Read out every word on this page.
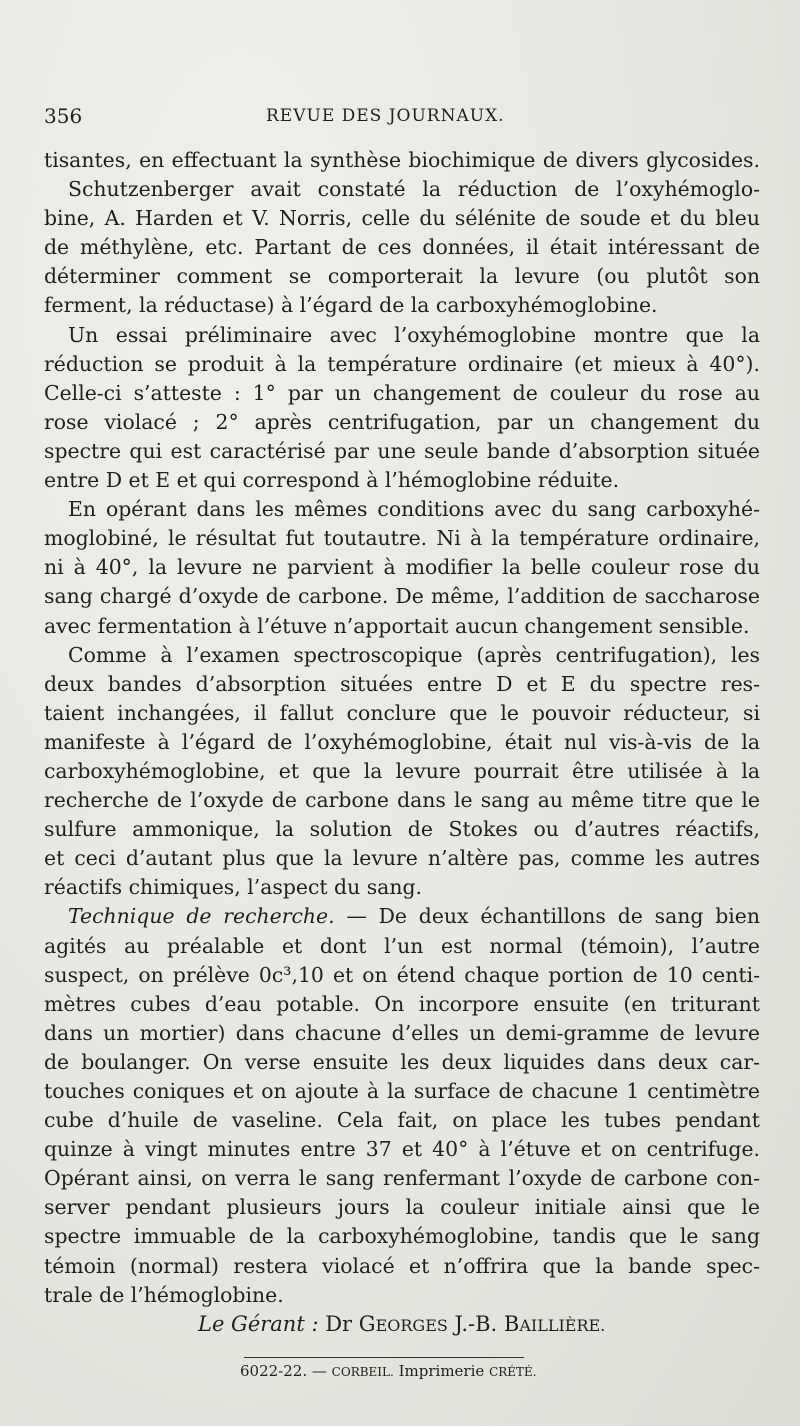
356	REVUE DES JOURNAUX.
tisantes, en effectuant la synthèse biochimique de divers glycosides.
Schutzenberger avait constaté la réduction de l’oxyhémoglo-
bine, A. Harden et V. Norris, celle du sélénite de soude et du bleu
de méthylène, etc. Partant de ces données, il était intéressant de
déterminer comment se comporterait la levure (ou plutôt son
ferment, la réductase) à l’égard de la carboxyhémoglobine.
Un essai préliminaire avec l’oxyhémoglobine montre que la
réduction se produit à la température ordinaire (et mieux à 40°).
Celle-ci s’atteste : 1° par un changement de couleur du rose au
rose violacé ; 2° après centrifugation, par un changement du
spectre qui est caractérisé par une seule bande d’absorption située
entre D et E et qui correspond à l’hémoglobine réduite.
En opérant dans les mêmes conditions avec du sang carboxyhé-
moglobiné, le résultat fut toutautre. Ni à la température ordinaire,
ni à 40°, la levure ne parvient à modifier la belle couleur rose du
sang chargé d’oxyde de carbone. De même, l’addition de saccharose
avec fermentation à l’étuve n’apportait aucun changement sensible.
Comme à l’examen spectroscopique (après centrifugation), les
deux bandes d’absorption situées entre D et E du spectre res-
taient inchangées, il fallut conclure que le pouvoir réducteur, si
manifeste à l’égard de l’oxyhémoglobine, était nul vis-à-vis de la
carboxyhémoglobine, et que la levure pourrait être utilisée à la
recherche de l’oxyde de carbone dans le sang au même titre que le
sulfure ammonique, la solution de Stokes ou d’autres réactifs,
et ceci d’autant plus que la levure n’altère pas, comme les autres
réactifs chimiques, l’aspect du sang.
Technique de recherche. — De deux échantillons de sang bien
agités au préalable et dont l’un est normal (témoin), l’autre
suspect, on prélève 0c³,10 et on étend chaque portion de 10 centi-
mètres cubes d’eau potable. On incorpore ensuite (en triturant
dans un mortier) dans chacune d’elles un demi-gramme de levure
de boulanger. On verse ensuite les deux liquides dans deux car-
touches coniques et on ajoute à la surface de chacune 1 centimètre
cube d’huile de vaseline. Cela fait, on place les tubes pendant
quinze à vingt minutes entre 37 et 40° à l’étuve et on centrifuge.
Opérant ainsi, on verra le sang renfermant l’oxyde de carbone con-
server pendant plusieurs jours la couleur initiale ainsi que le
spectre immuable de la carboxyhémoglobine, tandis que le sang
témoin (normal) restera violacé et n’offrira que la bande spec-
trale de l’hémoglobine.
Le Gérant : Dr GEORGES J.-B. BAILLIÈRE.
6022-22. — CORBEIL. Imprimerie CRÉTÉ.
